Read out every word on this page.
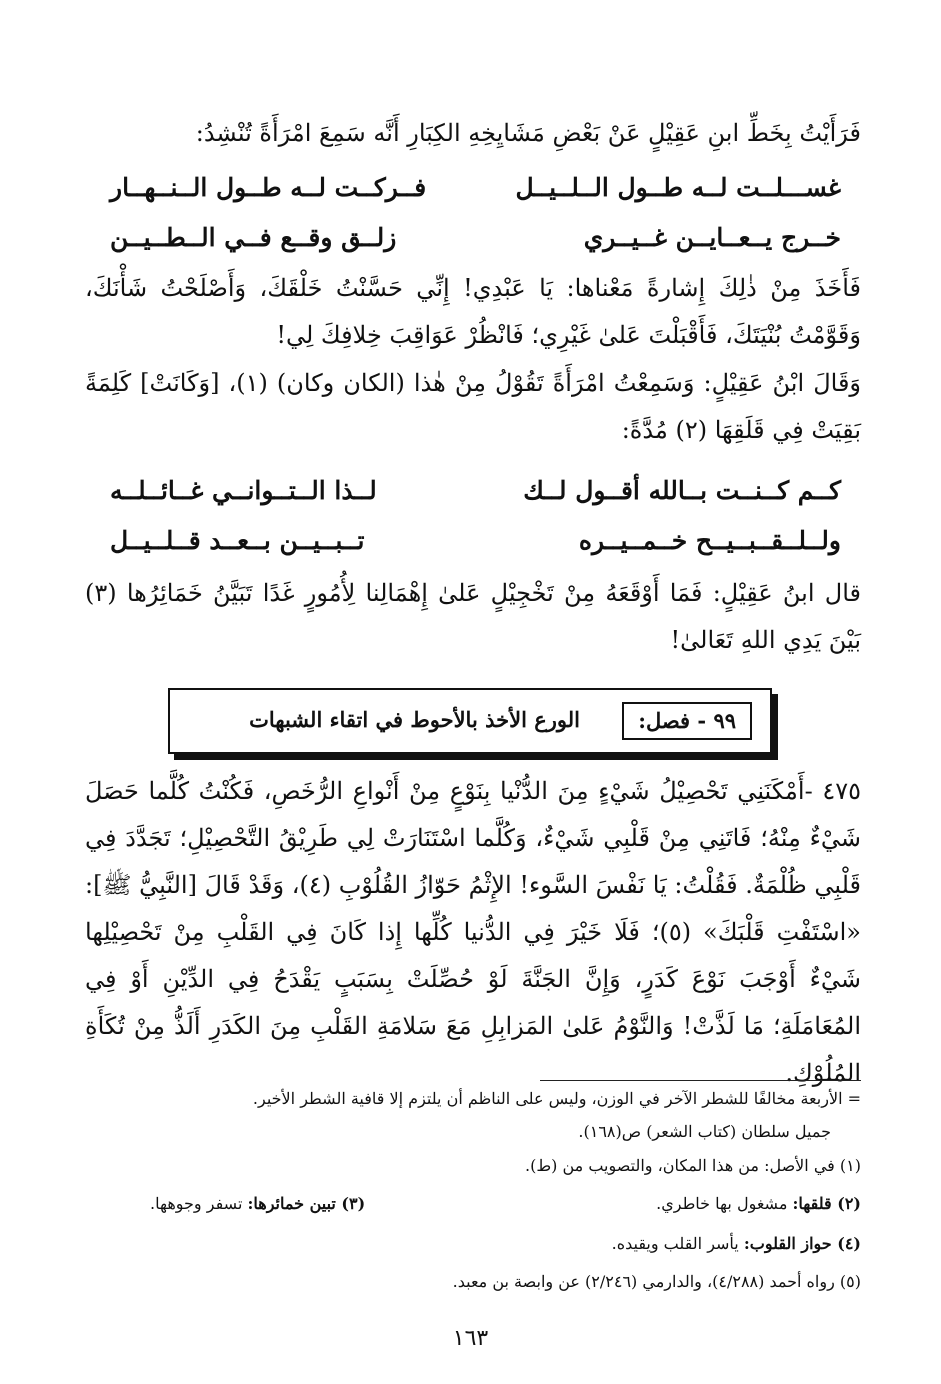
فَرَأَيْتُ بِخَطِّ ابنِ عَقِيْلٍ عَنْ بَعْضِ مَشَايِخِهِ الكِبَارِ أَنَّه سَمِعَ امْرَأَةً تُنْشِدُ:
غســـلــت لــه طــول الــلــيــل
فــركــت لــه طــول الــنــهــار
خــرج يــعــايــن غــيــري
زلــق وقــع فــي الــطــيــن
فَأَخَذَ مِنْ ذٰلِكَ إِشارةً مَعْناها: يَا عَبْدِي! إِنِّي حَسَّنْتُ خَلْقَكَ، وَأَصْلَحْتُ شَأْنَكَ، وَقَوَّمْتُ بُنْيَتَكَ، فَأَقْبَلْتَ عَلىٰ غَيْرِي؛ فَانْظُرْ عَوَاقِبَ خِلافِكَ لِي!
وَقَالَ ابْنُ عَقِيْلٍ: وَسَمِعْتُ امْرَأَةً تَقُوْلُ مِنْ هٰذا (الكان وكان) (١)، [وَكَانَتْ] كَلِمَةً بَقِيَتْ فِي قَلَقِهَا (٢) مُدَّةً:
كــم كــنــت بــالله أقــول لــك
لــذا الــتــوانــي غــائــلــه
ولــلــقــبــيــح خــمــيــره
تــبــيــن بــعــد قــلــيــل
قال ابنُ عَقِيْلٍ: فَمَا أَوْقَعَهُ مِنْ تَخْجِيْلٍ عَلىٰ إِهْمَالِنا لِأُمُورٍ غَدًا تَبَيَّنُ خَمَائِرُها (٣) بَيْنَ يَدِي اللهِ تَعَالىٰ!
٩٩ - فصل:
الورع الأخذ بالأحوط في اتقاء الشبهات
٤٧٥ -أَمْكَنَنِي تَحْصِيْلُ شَيْءٍ مِنَ الدُّنْيا بِنَوْعٍ مِنْ أَنْواعِ الرُّخَصِ، فَكُنْتُ كُلَّما حَصَلَ شَيْءٌ مِنْهُ؛ فَاتَنِي مِنْ قَلْبِي شَيْءٌ، وَكُلَّما اسْتَنَارَتْ لِي طَرِيْقُ التَّحْصِيْلِ؛ تَجَدَّدَ فِي قَلْبِي ظُلْمَةٌ. فَقُلْتُ: يَا نَفْسَ السَّوء! الإِثْمُ حَوّازُ القُلُوْبِ (٤)، وَقَدْ قَالَ [النَّبِيُّ ﷺ]: «اسْتَفْتِ قَلْبَكَ» (٥)؛ فَلَا خَيْرَ فِي الدُّنيا كُلِّها إِذا كَانَ فِي القَلْبِ مِنْ تَحْصِيْلِها شَيْءٌ أَوْجَبَ نَوْعَ كَدَرٍ، وَإِنَّ الجَنَّةَ لَوْ حُصِّلَتْ بِسَبَبٍ يَقْدَحُ فِي الدِّيْنِ أَوْ فِي المُعَامَلَةِ؛ مَا لَذَّتْ! وَالنَّوْمُ عَلىٰ المَزابِلِ مَعَ سَلامَةِ القَلْبِ مِنَ الكَدَرِ أَلَذُّ مِنْ تُكَأَةِ المُلُوْكِ.
= الأربعة مخالفًا للشطر الآخر في الوزن، وليس على الناظم أن يلتزم إلا قافية الشطر الأخير.
جميل سلطان (كتاب الشعر) ص(١٦٨).
(١) في الأصل: من هذا المكان، والتصويب من (ط).
(٢) قلقها: مشغول بها خاطري.
(٣) تبين خمائرها: تسفر وجوهها.
(٤) حواز القلوب: يأسر القلب ويقيده.
(٥) رواه أحمد (٤/٢٨٨)، والدارمي (٢/٢٤٦) عن وابصة بن معبد.
١٦٣
